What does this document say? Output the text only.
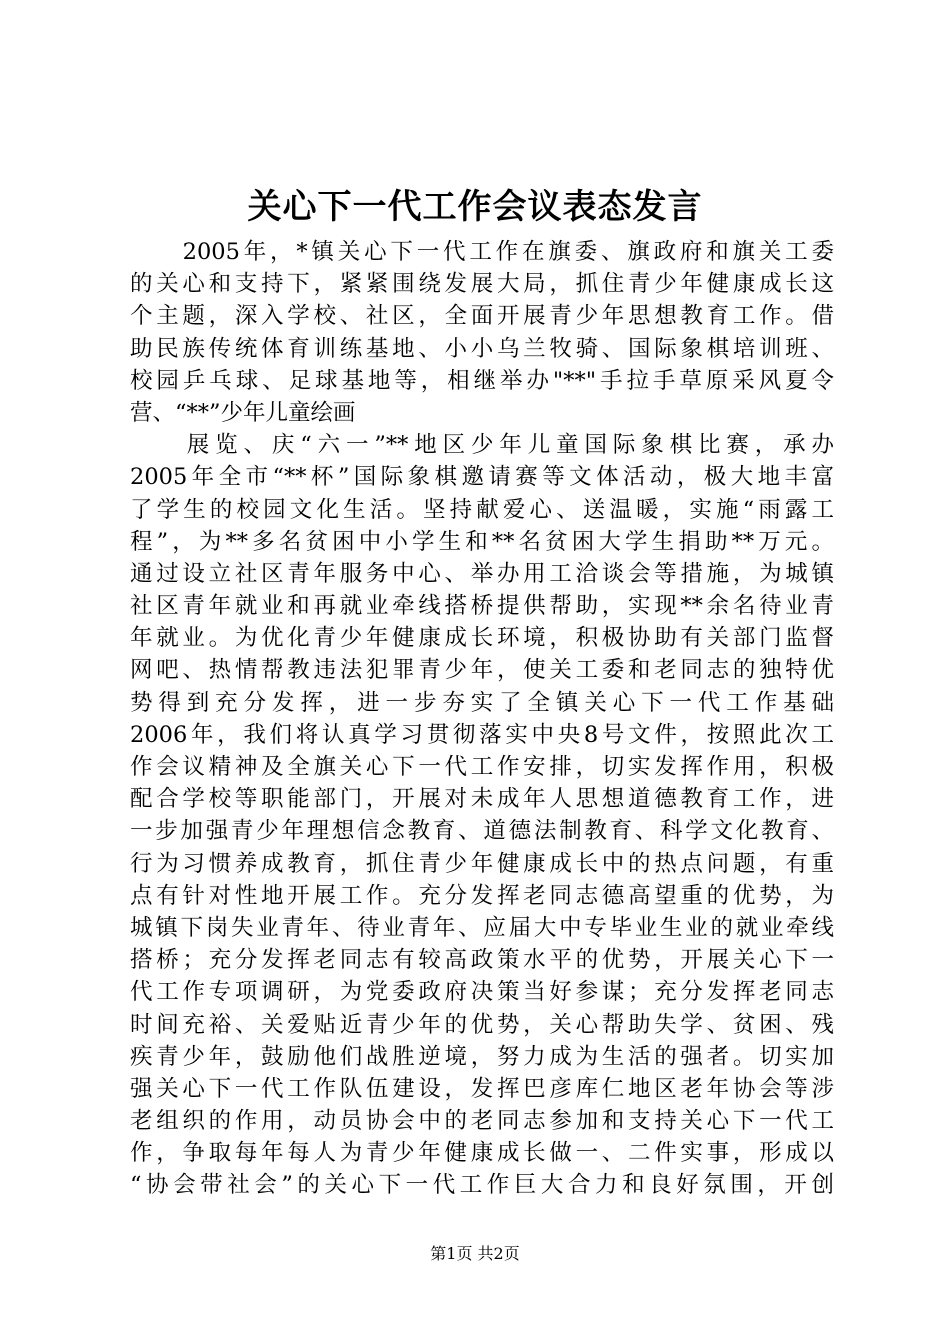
关心下一代工作会议表态发言
　　2005年，*镇关心下一代工作在旗委、旗政府和旗关工委
的关心和支持下，紧紧围绕发展大局，抓住青少年健康成长这
个主题，深入学校、社区，全面开展青少年思想教育工作。借
助民族传统体育训练基地、小小乌兰牧骑、国际象棋培训班、
校园乒乓球、足球基地等，相继举办"**"手拉手草原采风夏令
营、“**”少年儿童绘画
　　展览、庆“六一”**地区少年儿童国际象棋比赛，承办
2005年全市“**杯”国际象棋邀请赛等文体活动，极大地丰富
了学生的校园文化生活。坚持献爱心、送温暖，实施“雨露工
程”，为**多名贫困中小学生和**名贫困大学生捐助**万元。
通过设立社区青年服务中心、举办用工洽谈会等措施，为城镇
社区青年就业和再就业牵线搭桥提供帮助，实现**余名待业青
年就业。为优化青少年健康成长环境，积极协助有关部门监督
网吧、热情帮教违法犯罪青少年，使关工委和老同志的独特优
势得到充分发挥，进一步夯实了全镇关心下一代工作基础
2006年，我们将认真学习贯彻落实中央8号文件，按照此次工
作会议精神及全旗关心下一代工作安排，切实发挥作用，积极
配合学校等职能部门，开展对未成年人思想道德教育工作，进
一步加强青少年理想信念教育、道德法制教育、科学文化教育、
行为习惯养成教育，抓住青少年健康成长中的热点问题，有重
点有针对性地开展工作。充分发挥老同志德高望重的优势，为
城镇下岗失业青年、待业青年、应届大中专毕业生业的就业牵线
搭桥；充分发挥老同志有较高政策水平的优势，开展关心下一
代工作专项调研，为党委政府决策当好参谋；充分发挥老同志
时间充裕、关爱贴近青少年的优势，关心帮助失学、贫困、残
疾青少年，鼓励他们战胜逆境，努力成为生活的强者。切实加
强关心下一代工作队伍建设，发挥巴彦库仁地区老年协会等涉
老组织的作用，动员协会中的老同志参加和支持关心下一代工
作，争取每年每人为青少年健康成长做一、二件实事，形成以
“协会带社会”的关心下一代工作巨大合力和良好氛围，开创
第1页 共2页
